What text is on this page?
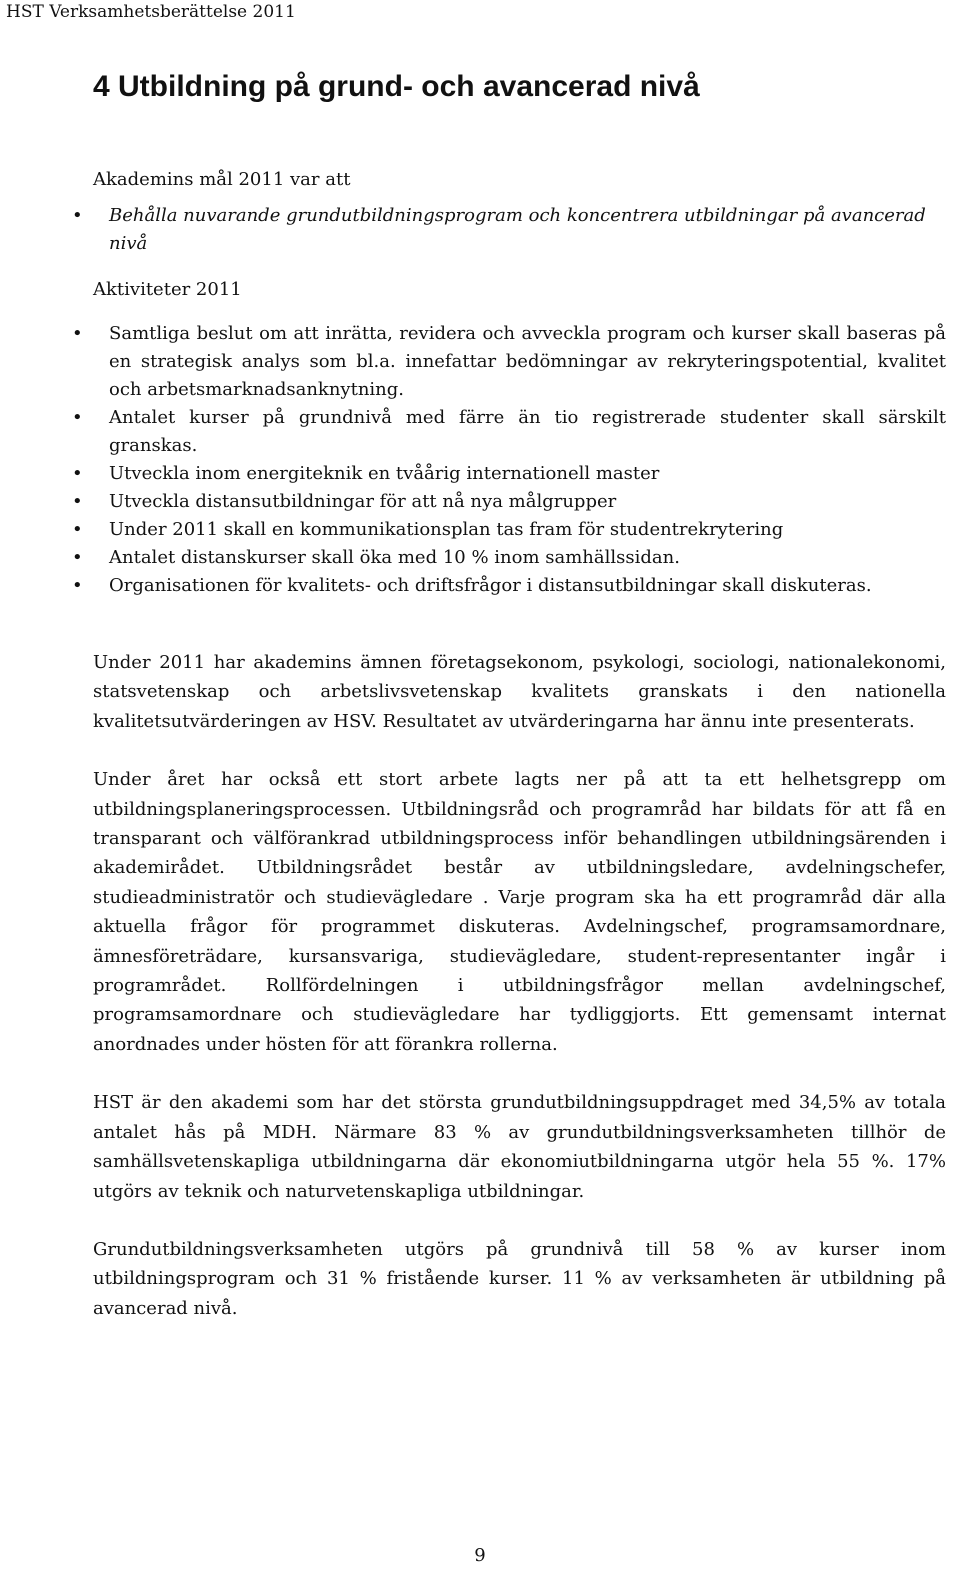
HST Verksamhetsberättelse 2011
4 Utbildning på grund- och avancerad nivå

Akademins mål 2011 var att

• Behålla nuvarande grundutbildningsprogram och koncentrera utbildningar på avancerad nivå

Aktiviteter 2011

• Samtliga beslut om att inrätta, revidera och avveckla program och kurser skall baseras på en strategisk analys som bl.a. innefattar bedömningar av rekryteringspotential, kvalitet och arbetsmarknadsanknytning.
• Antalet kurser på grundnivå med färre än tio registrerade studenter skall särskilt granskas.
• Utveckla inom energiteknik en tvåårig internationell master
• Utveckla distansutbildningar för att nå nya målgrupper
• Under 2011 skall en kommunikationsplan tas fram för studentrekrytering
• Antalet distanskurser skall öka med 10 % inom samhällssidan.
• Organisationen för kvalitets- och driftsfrågor i distansutbildningar skall diskuteras.

Under 2011 har akademins ämnen företagsekonom, psykologi, sociologi, nationalekonomi, statsvetenskap och arbetslivsvetenskap kvalitets granskats i den nationella kvalitetsutvärderingen av HSV. Resultatet av utvärderingarna har ännu inte presenterats.

Under året har också ett stort arbete lagts ner på att ta ett helhetsgrepp om utbildningsplaneringsprocessen. Utbildningsråd och programråd har bildats för att få en transparant och välförankrad utbildningsprocess inför behandlingen utbildningsärenden i akademirådet. Utbildningsrådet består av utbildningsledare, avdelningschefer, studieadministratör och studievägledare . Varje program ska ha ett programråd där alla aktuella frågor för programmet diskuteras. Avdelningschef, programsamordnare, ämnesföreträdare, kursansvariga, studievägledare, student-representanter ingår i programrådet. Rollfördelningen i utbildningsfrågor mellan avdelningschef, programsamordnare och studievägledare har tydliggjorts. Ett gemensamt internat anordnades under hösten för att förankra rollerna.

HST är den akademi som har det största grundutbildningsuppdraget med 34,5% av totala antalet hås på MDH. Närmare 83 % av grundutbildningsverksamheten tillhör de samhällsvetenskapliga utbildningarna där ekonomiutbildningarna utgör hela 55 %. 17% utgörs av teknik och naturvetenskapliga utbildningar.

Grundutbildningsverksamheten utgörs på grundnivå till 58 % av kurser inom utbildningsprogram och 31 % fristående kurser. 11 % av verksamheten är utbildning på avancerad nivå.

9
